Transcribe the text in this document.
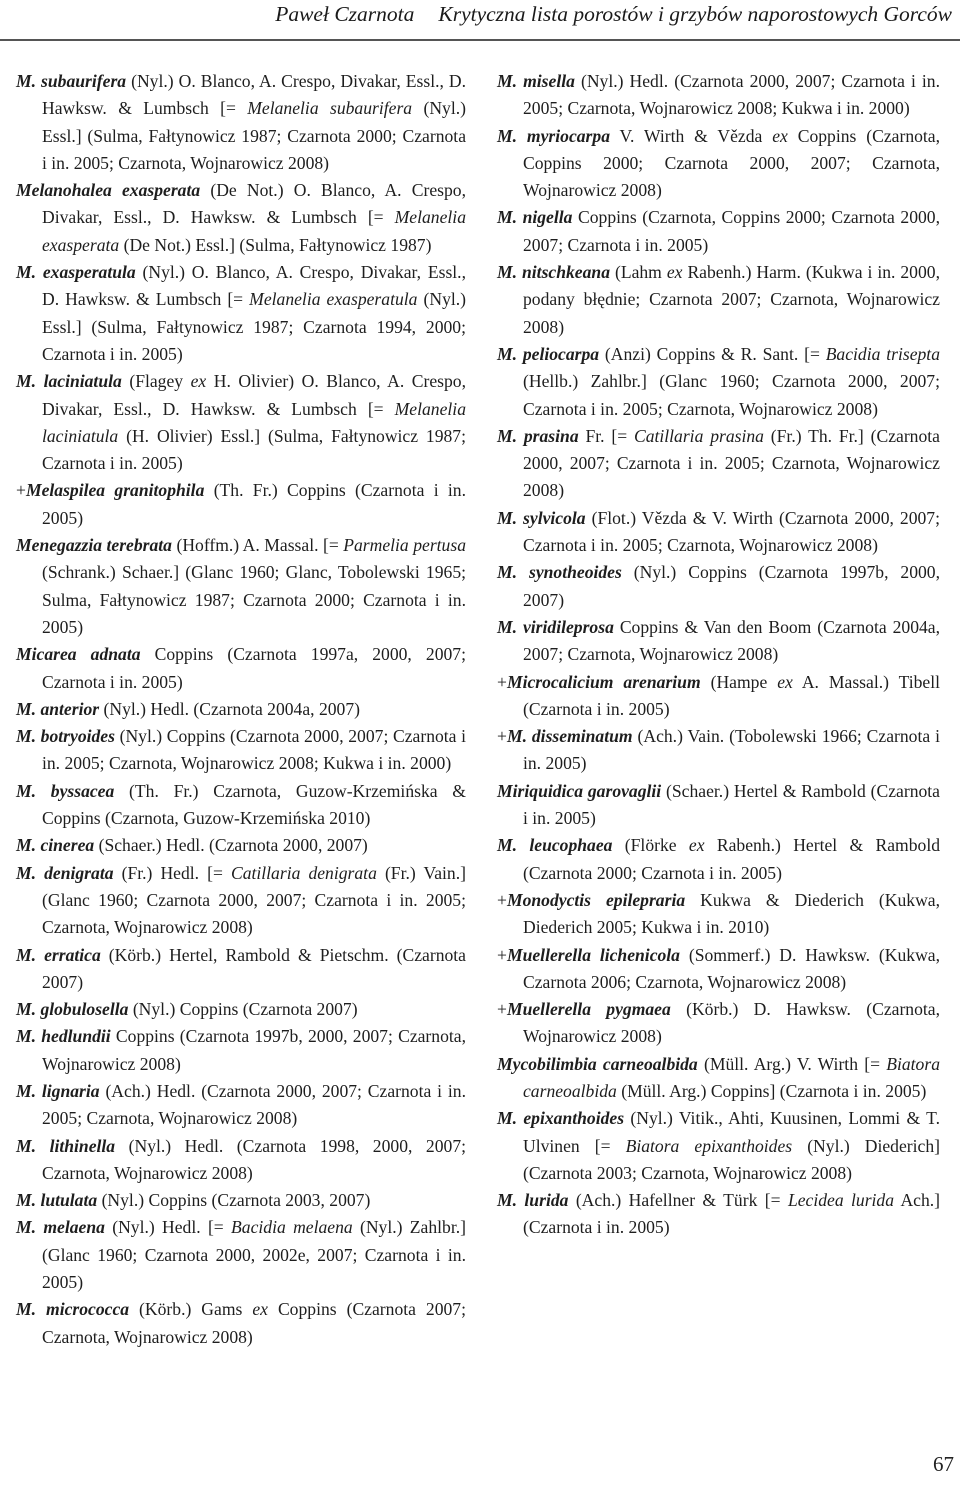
Paweł Czarnota Krytyczna lista porostów i grzybów naporostowych Gorców
M. subaurifera (Nyl.) O. Blanco, A. Crespo, Divakar, Essl., D. Hawksw. & Lumbsch [= Melanelia subaurifera (Nyl.) Essl.] (Sulma, Fałtynowicz 1987; Czarnota 2000; Czarnota i in. 2005; Czarnota, Wojnarowicz 2008)
Melanohalea exasperata (De Not.) O. Blanco, A. Crespo, Divakar, Essl., D. Hawksw. & Lumbsch [= Melanelia exasperata (De Not.) Essl.] (Sulma, Fałtynowicz 1987)
M. exasperatula (Nyl.) O. Blanco, A. Crespo, Divakar, Essl., D. Hawksw. & Lumbsch [= Melanelia exasperatula (Nyl.) Essl.] (Sulma, Fałtynowicz 1987; Czarnota 1994, 2000; Czarnota i in. 2005)
M. laciniatula (Flagey ex H. Olivier) O. Blanco, A. Crespo, Divakar, Essl., D. Hawksw. & Lumbsch [= Melanelia laciniatula (H. Olivier) Essl.] (Sulma, Fałtynowicz 1987; Czarnota i in. 2005)
+Melaspilea granitophila (Th. Fr.) Coppins (Czarnota i in. 2005)
Menegazzia terebrata (Hoffm.) A. Massal. [= Parmelia pertusa (Schrank.) Schaer.] (Glanc 1960; Glanc, Tobolewski 1965; Sulma, Fałtynowicz 1987; Czarnota 2000; Czarnota i in. 2005)
Micarea adnata Coppins (Czarnota 1997a, 2000, 2007; Czarnota i in. 2005)
M. anterior (Nyl.) Hedl. (Czarnota 2004a, 2007)
M. botryoides (Nyl.) Coppins (Czarnota 2000, 2007; Czarnota i in. 2005; Czarnota, Wojnarowicz 2008; Kukwa i in. 2000)
M. byssacea (Th. Fr.) Czarnota, Guzow-Krzemińska & Coppins (Czarnota, Guzow-Krzemińska 2010)
M. cinerea (Schaer.) Hedl. (Czarnota 2000, 2007)
M. denigrata (Fr.) Hedl. [= Catillaria denigrata (Fr.) Vain.] (Glanc 1960; Czarnota 2000, 2007; Czarnota i in. 2005; Czarnota, Wojnarowicz 2008)
M. erratica (Körb.) Hertel, Rambold & Pietschm. (Czarnota 2007)
M. globulosella (Nyl.) Coppins (Czarnota 2007)
M. hedlundii Coppins (Czarnota 1997b, 2000, 2007; Czarnota, Wojnarowicz 2008)
M. lignaria (Ach.) Hedl. (Czarnota 2000, 2007; Czarnota i in. 2005; Czarnota, Wojnarowicz 2008)
M. lithinella (Nyl.) Hedl. (Czarnota 1998, 2000, 2007; Czarnota, Wojnarowicz 2008)
M. lutulata (Nyl.) Coppins (Czarnota 2003, 2007)
M. melaena (Nyl.) Hedl. [= Bacidia melaena (Nyl.) Zahlbr.] (Glanc 1960; Czarnota 2000, 2002e, 2007; Czarnota i in. 2005)
M. micrococca (Körb.) Gams ex Coppins (Czarnota 2007; Czarnota, Wojnarowicz 2008)
M. misella (Nyl.) Hedl. (Czarnota 2000, 2007; Czarnota i in. 2005; Czarnota, Wojnarowicz 2008; Kukwa i in. 2000)
M. myriocarpa V. Wirth & Vězda ex Coppins (Czarnota, Coppins 2000; Czarnota 2000, 2007; Czarnota, Wojnarowicz 2008)
M. nigella Coppins (Czarnota, Coppins 2000; Czarnota 2000, 2007; Czarnota i in. 2005)
M. nitschkeana (Lahm ex Rabenh.) Harm. (Kukwa i in. 2000, podany błędnie; Czarnota 2007; Czarnota, Wojnarowicz 2008)
M. peliocarpa (Anzi) Coppins & R. Sant. [= Bacidia trisepta (Hellb.) Zahlbr.] (Glanc 1960; Czarnota 2000, 2007; Czarnota i in. 2005; Czarnota, Wojnarowicz 2008)
M. prasina Fr. [= Catillaria prasina (Fr.) Th. Fr.] (Czarnota 2000, 2007; Czarnota i in. 2005; Czarnota, Wojnarowicz 2008)
M. sylvicola (Flot.) Vězda & V. Wirth (Czarnota 2000, 2007; Czarnota i in. 2005; Czarnota, Wojnarowicz 2008)
M. synotheoides (Nyl.) Coppins (Czarnota 1997b, 2000, 2007)
M. viridileprosa Coppins & Van den Boom (Czarnota 2004a, 2007; Czarnota, Wojnarowicz 2008)
+Microcalicium arenarium (Hampe ex A. Massal.) Tibell (Czarnota i in. 2005)
+M. disseminatum (Ach.) Vain. (Tobolewski 1966; Czarnota i in. 2005)
Miriquidica garovaglii (Schaer.) Hertel & Rambold (Czarnota i in. 2005)
M. leucophaea (Flörke ex Rabenh.) Hertel & Rambold (Czarnota 2000; Czarnota i in. 2005)
+Monodyctis epilepraria Kukwa & Diederich (Kukwa, Diederich 2005; Kukwa i in. 2010)
+Muellerella lichenicola (Sommerf.) D. Hawksw. (Kukwa, Czarnota 2006; Czarnota, Wojnarowicz 2008)
+Muellerella pygmaea (Körb.) D. Hawksw. (Czarnota, Wojnarowicz 2008)
Mycobilimbia carneoalbida (Müll. Arg.) V. Wirth [= Biatora carneoalbida (Müll. Arg.) Coppins] (Czarnota i in. 2005)
M. epixanthoides (Nyl.) Vitik., Ahti, Kuusinen, Lommi & T. Ulvinen [= Biatora epixanthoides (Nyl.) Diederich] (Czarnota 2003; Czarnota, Wojnarowicz 2008)
M. lurida (Ach.) Hafellner & Türk [= Lecidea lurida Ach.] (Czarnota i in. 2005)
67
